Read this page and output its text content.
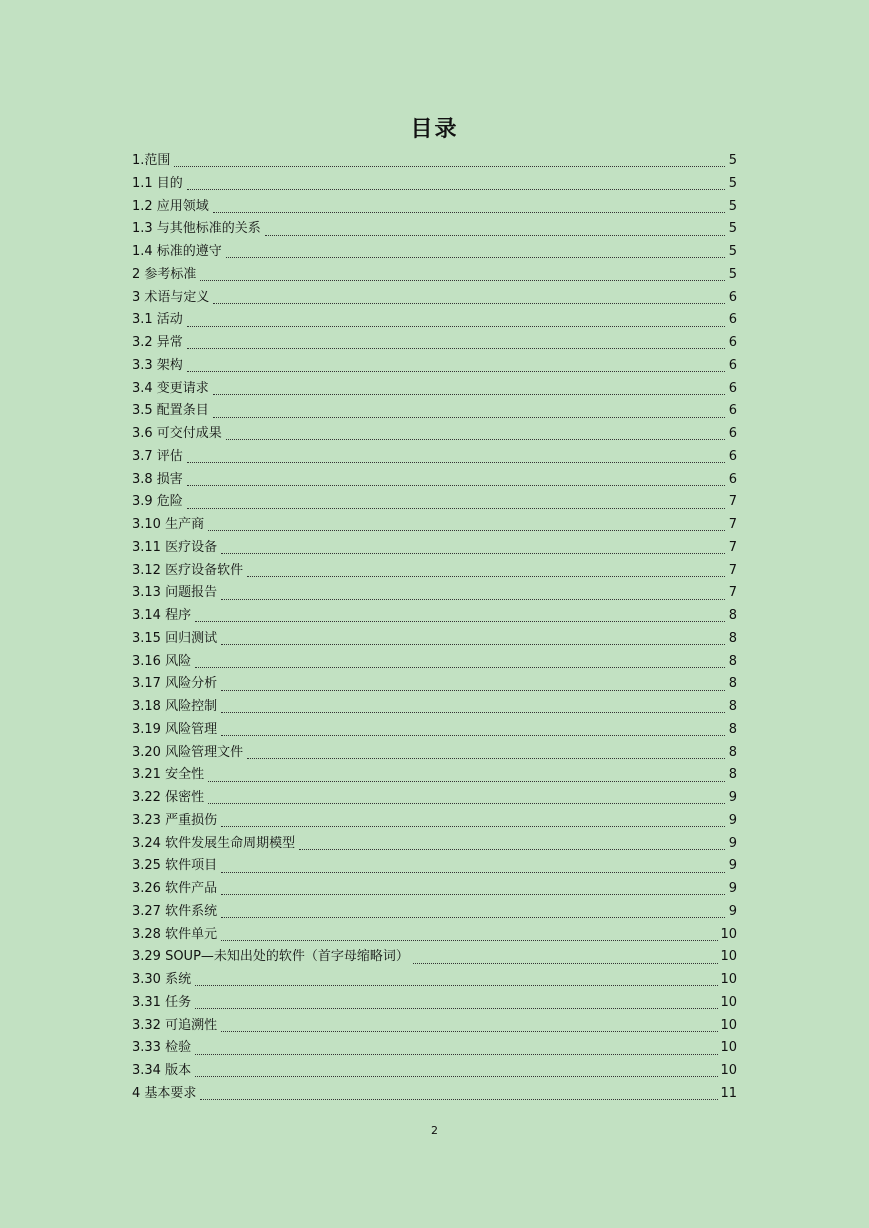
目录
1.范围	5
1.1 目的	5
1.2 应用领域	5
1.3 与其他标准的关系	5
1.4 标准的遵守	5
2 参考标准	5
3 术语与定义	6
3.1 活动	6
3.2 异常	6
3.3 架构	6
3.4 变更请求	6
3.5 配置条目	6
3.6 可交付成果	6
3.7 评估	6
3.8 损害	6
3.9 危险	7
3.10 生产商	7
3.11 医疗设备	7
3.12 医疗设备软件	7
3.13 问题报告	7
3.14 程序	8
3.15 回归测试	8
3.16 风险	8
3.17 风险分析	8
3.18 风险控制	8
3.19 风险管理	8
3.20 风险管理文件	8
3.21 安全性	8
3.22 保密性	9
3.23 严重损伤	9
3.24 软件发展生命周期模型	9
3.25 软件项目	9
3.26 软件产品	9
3.27 软件系统	9
3.28 软件单元	10
3.29 SOUP—未知出处的软件（首字母缩略词）	10
3.30 系统	10
3.31 任务	10
3.32 可追溯性	10
3.33 检验	10
3.34 版本	10
4 基本要求	11
2
